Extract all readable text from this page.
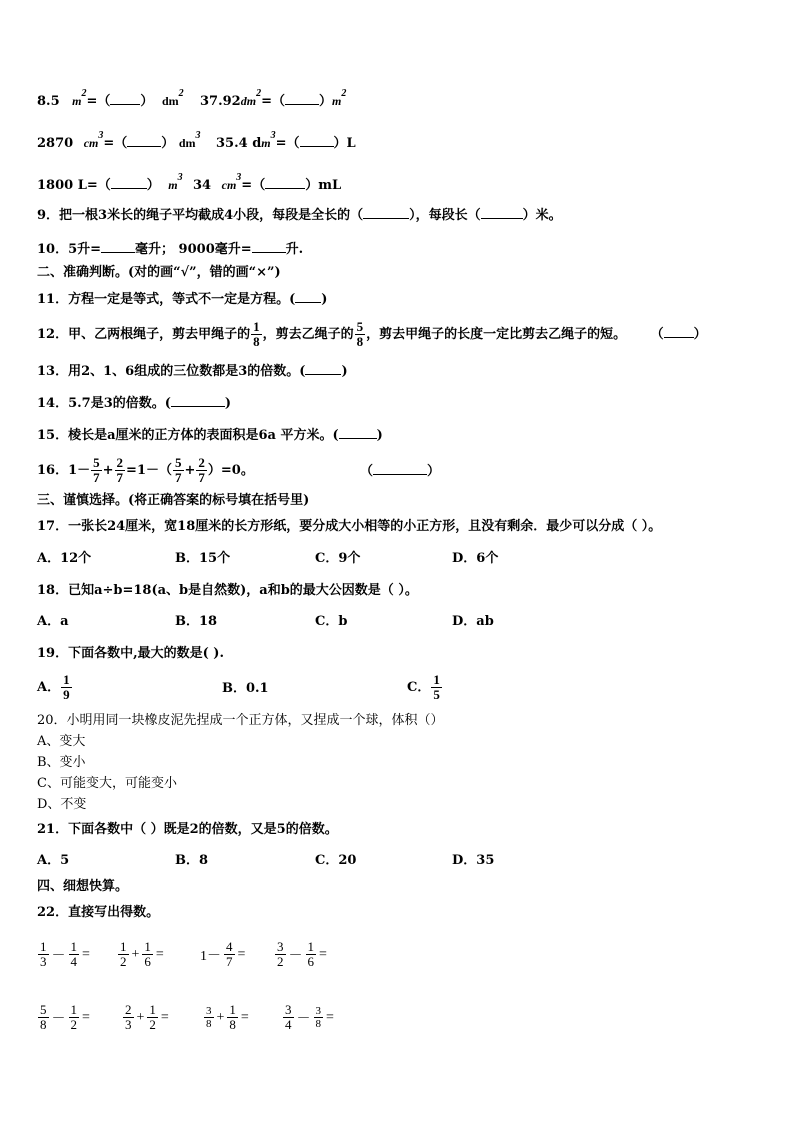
8.5 $m^2=$（ ） $dm^2$
$37.92dm^2=$（	）$m^2$
2870 $cm^3=$（	） $dm^3$
35.4 $dm^3=$（	）L
1800 L=（	） $m^3$
34 $cm^3=$（	）mL
9．把一根3米长的绳子平均截成4小段，每段是全长的（	），每段长（	）米。
10．5升=	毫升； 9000毫升=	升.
二、准确判断。(对的画“√”，错的画“×”)
11．方程一定是等式，等式不一定是方程。( )
12．甲、乙两根绳子，剪去甲绳子的 $\frac{1}{8}$ ，剪去乙绳子的 $\frac{5}{8}$ ，剪去甲绳子的长度一定比剪去乙绳子的短。 （ ）
13．用2、1、6组成的三位数都是3的倍数。(	)
14．5.7是3的倍数。(	)
15．棱长是a厘米的正方体的表面积是6a 平方米。(	)
16．$1- \frac{5}{7} + \frac{2}{7} =1-( \frac{5}{7} + \frac{2}{7} )=0$。	（	）
三、谨慎选择。(将正确答案的标号填在括号里)
17．一张长24厘米，宽18厘米的长方形纸，要分成大小相等的小正方形，且没有剩余．最少可以分成（ ）。
A．12个	B．15个	C．9个	D．6个
18．已知a÷b=18(a、b是自然数)，a和b的最大公因数是（ ）。
A．a	B．18	C．b	D．ab
19．下面各数中,最大的数是( ).
A． $\frac{1}{9}$	B．0.1	C． $\frac{1}{5}$
20．小明用同一块橡皮泥先捏成一个正方体，又捏成一个球，体积（）
A、变大
B、变小
C、可能变大，可能变小
D、不变
21．下面各数中（ ）既是2的倍数，又是5的倍数。
A．5	B．8	C．20	D．35
四、细想快算。
22．直接写出得数。
$\frac{1}{3} - \frac{1}{4} = \frac{1}{2} + \frac{1}{6}$ =	$1- \frac{4}{7} = \frac{3}{2} - \frac{1}{6}$ =
$\frac{5}{8} - \frac{1}{2}$ =	$\frac{2}{3} + \frac{1}{2}$ =	$\frac{3}{8} + \frac{1}{8}$ =	$\frac{3}{4} - \frac{3}{8}$ =
